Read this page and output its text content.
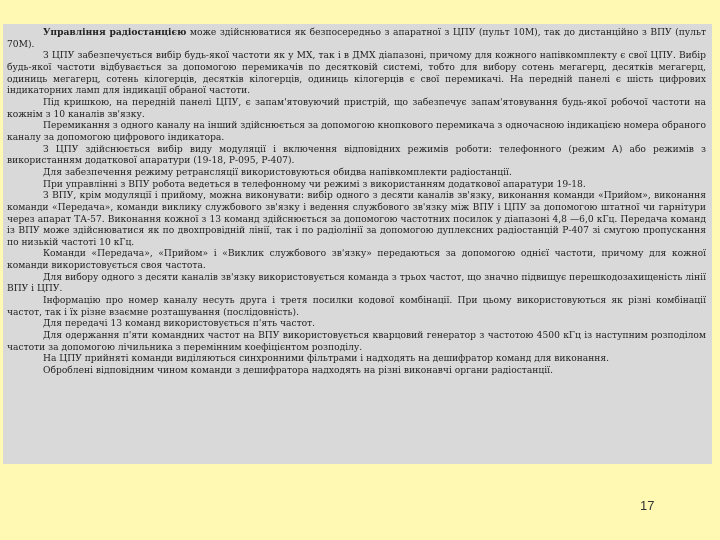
Управління радіостанцією може здійснюватися як безпосередньо з апаратної з ЦПУ (пульт 10М), так до дистанційно з ВПУ (пульт 70М).

З ЦПУ забезпечується вибір будь-якої частоти як у МХ, так і в ДМХ діапазоні, причому для кожного напівкомплекту є свої ЦПУ. Вибір будь-якої частоти відбувається за допомогою перемикачів по десятковій системі, тобто для вибору сотень мегагерц, десятків мегагерц, одиниць мегагерц, сотень кілогерців, десятків кілогерців, одиниць кілогерців є свої перемикачі. На передній панелі є шість цифрових індикаторних ламп для індикації обраної частоти.

Під кришкою, на передній панелі ЦПУ, є запам'ятовуючий пристрій, що забезпечує запам'ятовування будь-якої робочої частоти на кожнім з 10 каналів зв'язку.

Перемикання з одного каналу на інший здійснюється за допомогою кнопкового перемикача з одночасною індикацією номера обраного каналу за допомогою цифрового індикатора.

З ЦПУ здійснюється вибір виду модуляції і включення відповідних режимів роботи: телефонного (режим А) або режимів з використанням додаткової апаратури (19-18, Р-095, Р-407).

Для забезпечення режиму ретрансляції використовуються обидва напівкомплекти радіостанції.

При управлінні з ВПУ робота ведеться в телефонному чи режимі з використанням додаткової апаратури 19-18.

З ВПУ, крім модуляції і прийому, можна виконувати: вибір одного з десяти каналів зв'язку, виконання команди «Прийом», виконання команди «Передача», команди виклику службового зв'язку і ведення службового зв'язку між ВПУ і ЦПУ за допомогою штатної чи гарнітури через апарат ТА-57. Виконання кожної з 13 команд здійснюється за допомогою частотних посилок у діапазоні 4,8 —6,0 кГц. Передача команд із ВПУ може здійснюватися як по двохпровідній лінії, так і по радіолінії за допомогою дуплексних радіостанцій Р-407 зі смугою пропускання по низькій частоті 10 кГц.

Команди «Передача», «Прийом» і «Виклик службового зв'язку» передаються за допомогою однієї частоти, причому для кожної команди використовується своя частота.

Для вибору одного з десяти каналів зв'язку використовується команда з трьох частот, що значно підвищує перешкодозахищеність лінії ВПУ і ЦПУ.

Інформацію про номер каналу несуть друга і третя посилки кодової комбінації. При цьому використовуються як різні комбінації частот, так і їх різне взаємне розташування (послідовність).

Для передачі 13 команд використовується п'ять частот.

Для одержання п'яти командних частот на ВПУ використовується кварцовий генератор з частотою 4500 кГц із наступним розподілом частоти за допомогою лічильника з перемінним коефіцієнтом розподілу.

На ЦПУ прийняті команди виділяються синхронними фільтрами і надходять на дешифратор команд для виконання.

Оброблені відповідним чином команди з дешифратора надходять на різні виконавчі органи радіостанції.

17
